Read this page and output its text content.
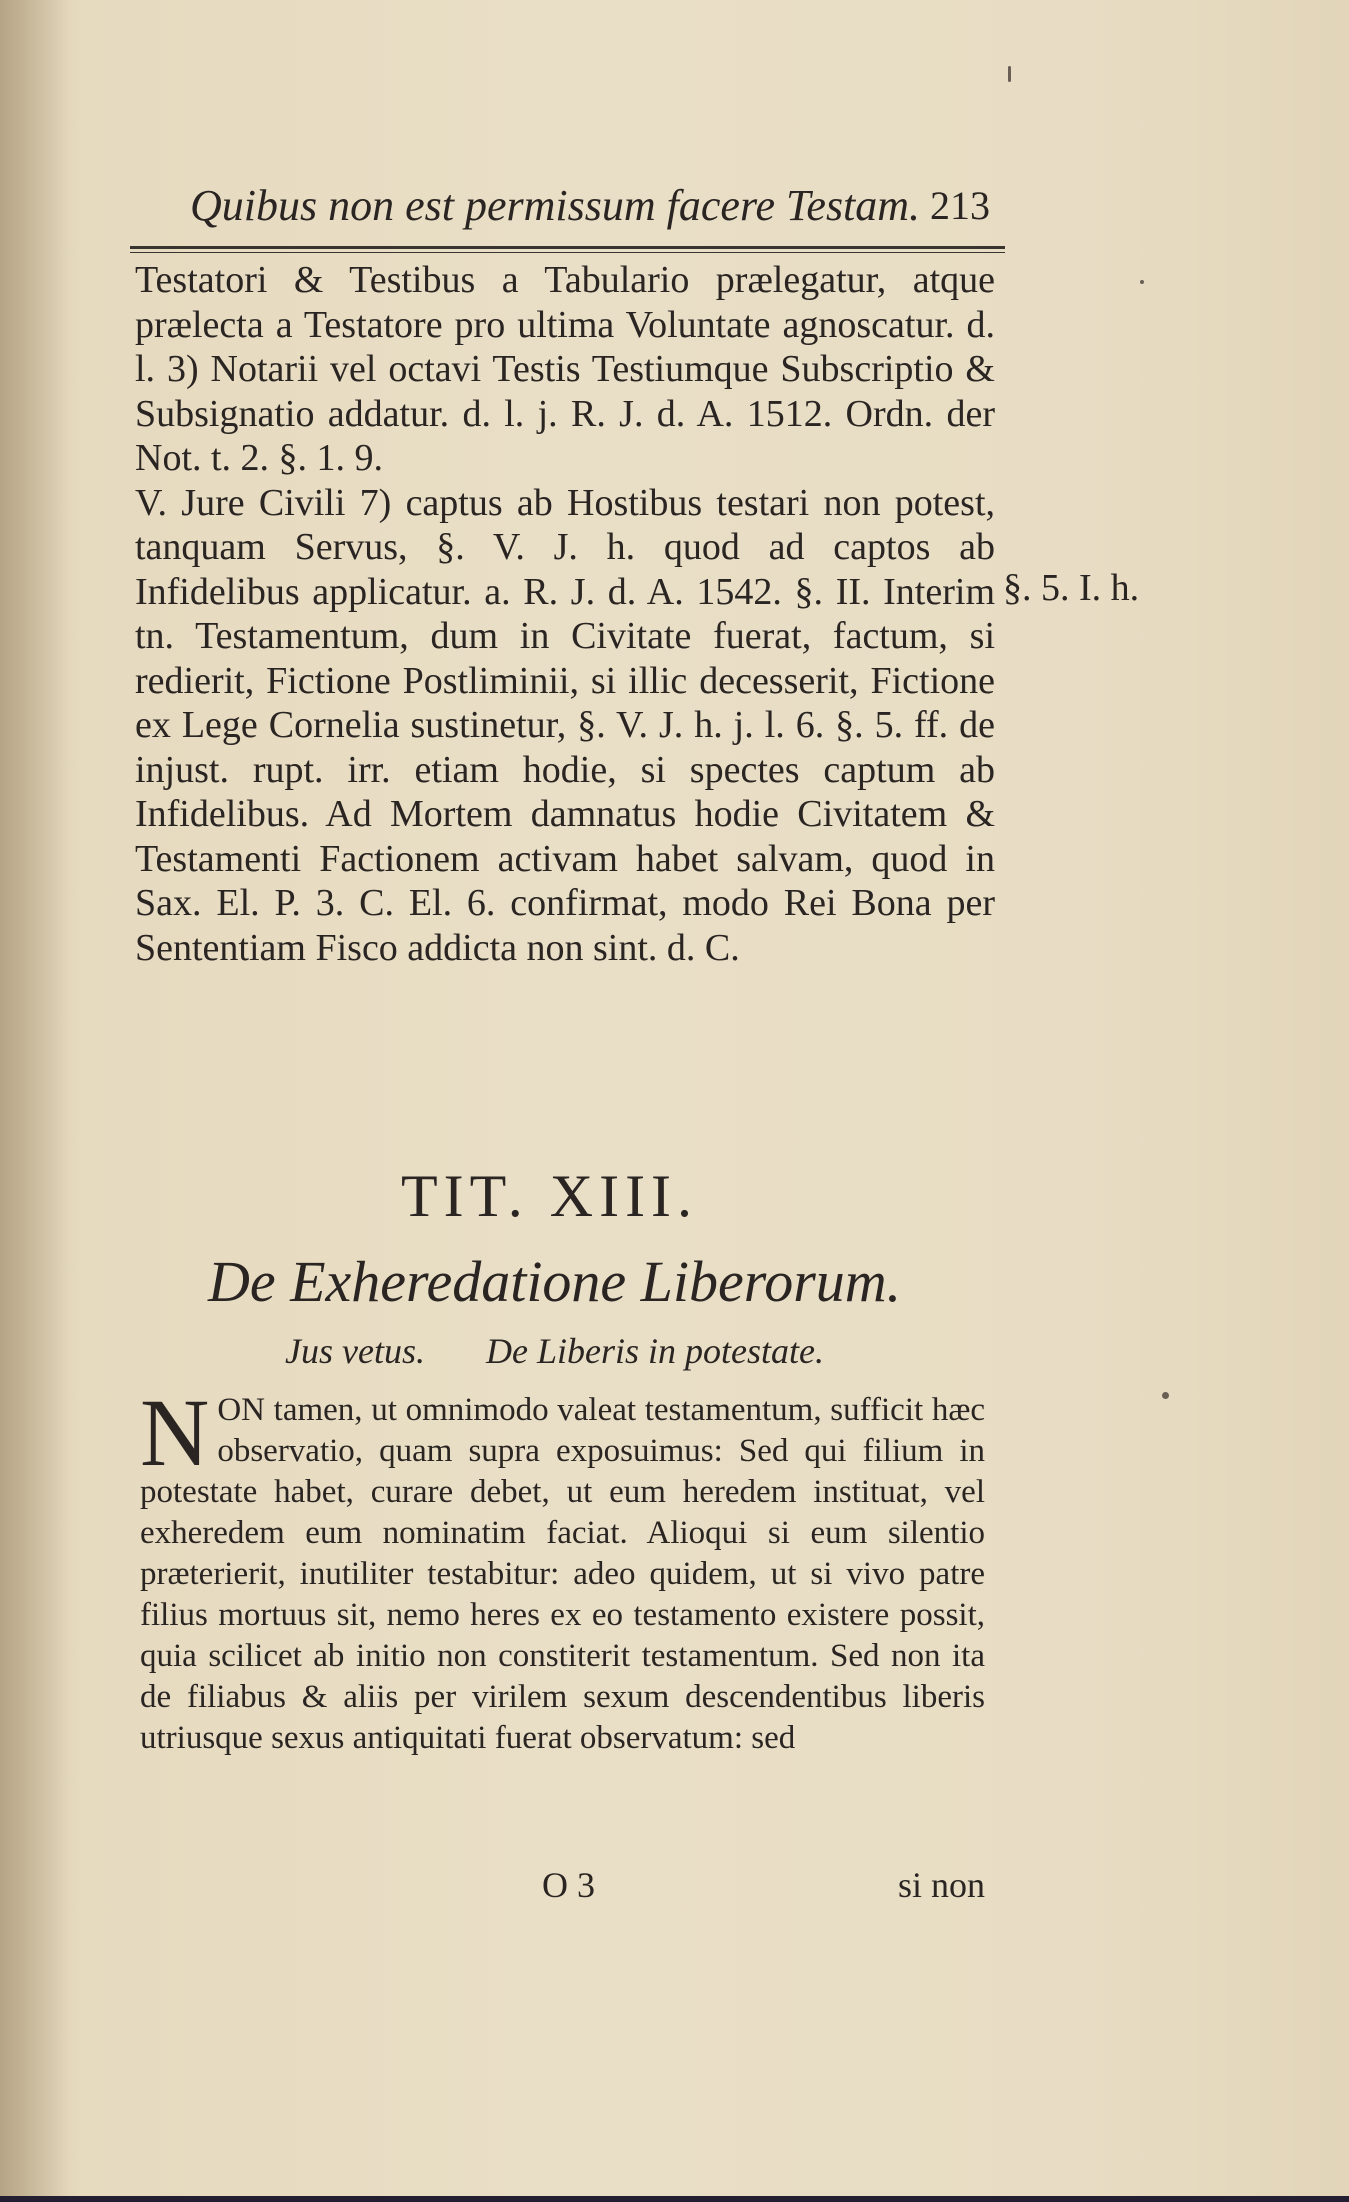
Quibus non est permissum facere Testam. 213

Testatori & Testibus a Tabulario prælegatur, atque prælecta a Testatore pro ultima Voluntate agnoscatur. d. l. 3) Notarii vel octavi Testis Testiumque Subscriptio & Subsignatio addatur. d. l. j. R. J. d. A. 1512. Ordn. der Not. t. 2. §. 1. 9.

V. Jure Civili 7) captus ab Hostibus testari non potest, tanquam Servus, §. V. J. h. quod ad captos ab Infidelibus applicatur. a. R. J. d. A. 1542. §. II. Interim tn. Testamentum, dum in Civitate fuerat, factum, si redierit, Fictione Postliminii, si illic decesserit, Fictione ex Lege Cornelia sustinetur, §. V. J. h. j. l. 6. §. 5. ff. de injust. rupt. irr. etiam hodie, si spectes captum ab Infidelibus. Ad Mortem damnatus hodie Civitatem & Testamenti Factionem activam habet salvam, quod in Sax. El. P. 3. C. El. 6. confirmat, modo Rei Bona per Sententiam Fisco addicta non sint. d. C.

§. 5. I. h.
TIT. XIII.
De Exheredatione Liberorum.
Jus vetus. De Liberis in potestate.
N ON tamen, ut omnimodo valeat testamentum, sufficit hæc observatio, quam supra exposuimus: Sed qui filium in potestate habet, curare debet, ut eum heredem instituat, vel exheredem eum nominatim faciat. Alioqui si eum silentio præterierit, inutiliter testabitur: adeo quidem, ut si vivo patre filius mortuus sit, nemo heres ex eo testamento existere possit, quia scilicet ab initio non constiterit testamentum. Sed non ita de filiabus & aliis per virilem sexum descendentibus liberis utriusque sexus antiquitati fuerat observatum: sed

O 3	si non
